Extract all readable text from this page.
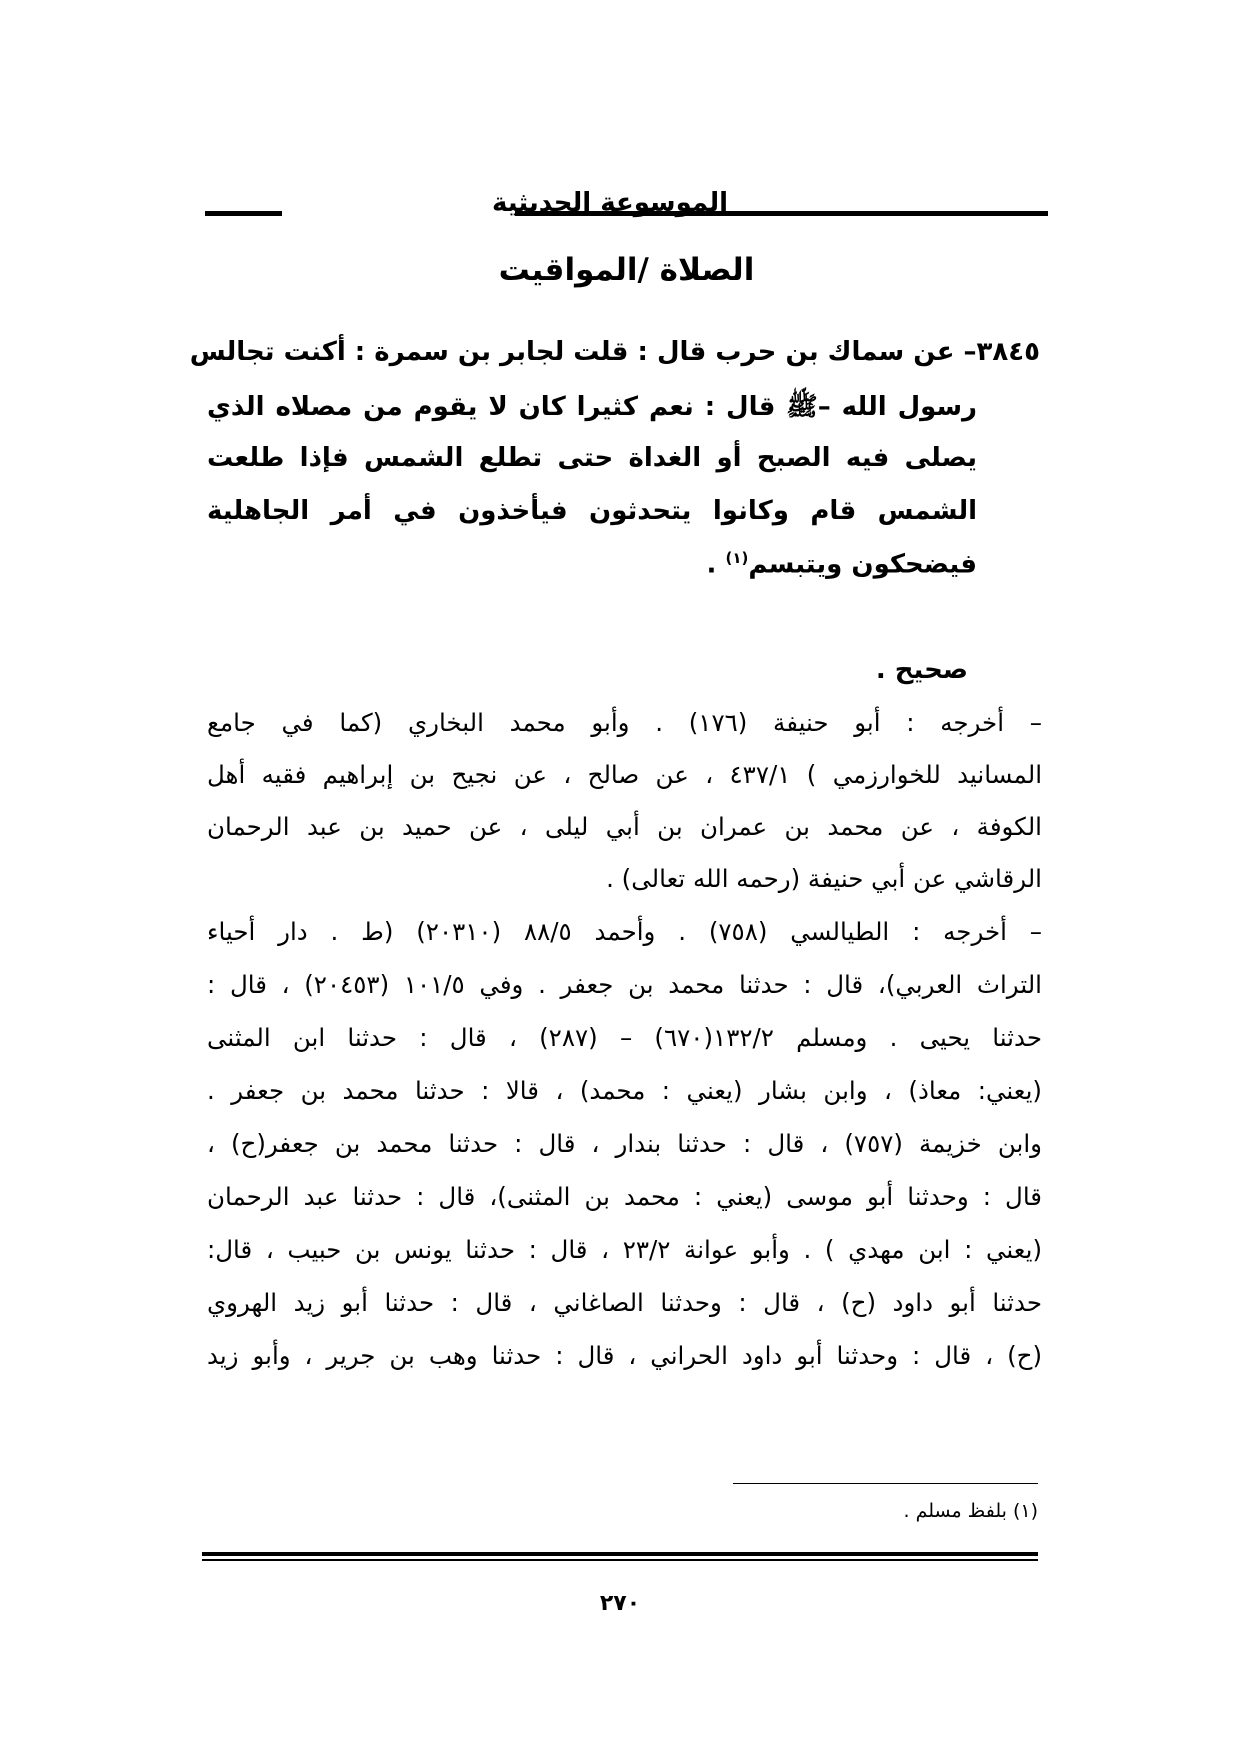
الموسوعة الحديثية
الصلاة /المواقيت
٣٨٤٥– عن سماك بن حرب قال : قلت لجابر بن سمرة : أكنت تجالس
رسول الله –ﷺ قال : نعم كثيرا كان لا يقوم من مصلاه الذي
يصلى فيه الصبح أو الغداة حتى تطلع الشمس فإذا طلعت
الشمس قام وكانوا يتحدثون فيأخذون في أمر الجاهلية
فيضحكون ويتبسم$^{(١)}$ .
صحيح .
– أخرجه : أبو حنيفة (١٧٦) . وأبو محمد البخاري (كما في جامع
المسانيد للخوارزمي ) ٤٣٧/١ ، عن صالح ، عن نجيح بن إبراهيم فقيه أهل
الكوفة ، عن محمد بن عمران بن أبي ليلى ، عن حميد بن عبد الرحمان
الرقاشي عن أبي حنيفة (رحمه الله تعالى) .
– أخرجه : الطيالسي (٧٥٨) . وأحمد ٨٨/٥ (٢٠٣١٠) (ط . دار أحياء
التراث العربي)، قال : حدثنا محمد بن جعفر . وفي ١٠١/٥ (٢٠٤٥٣) ، قال :
حدثنا يحيى . ومسلم ١٣٢/٢(٦٧٠) – (٢٨٧) ، قال : حدثنا ابن المثنى
(يعني: معاذ) ، وابن بشار (يعني : محمد) ، قالا : حدثنا محمد بن جعفر .
وابن خزيمة (٧٥٧) ، قال : حدثنا بندار ، قال : حدثنا محمد بن جعفر(ح) ،
قال : وحدثنا أبو موسى (يعني : محمد بن المثنى)، قال : حدثنا عبد الرحمان
(يعني : ابن مهدي ) . وأبو عوانة ٢٣/٢ ، قال : حدثنا يونس بن حبيب ، قال:
حدثنا أبو داود (ح) ، قال : وحدثنا الصاغاني ، قال : حدثنا أبو زيد الهروي
(ح) ، قال : وحدثنا أبو داود الحراني ، قال : حدثنا وهب بن جرير ، وأبو زيد
(١) بلفظ مسلم .
٢٧٠
